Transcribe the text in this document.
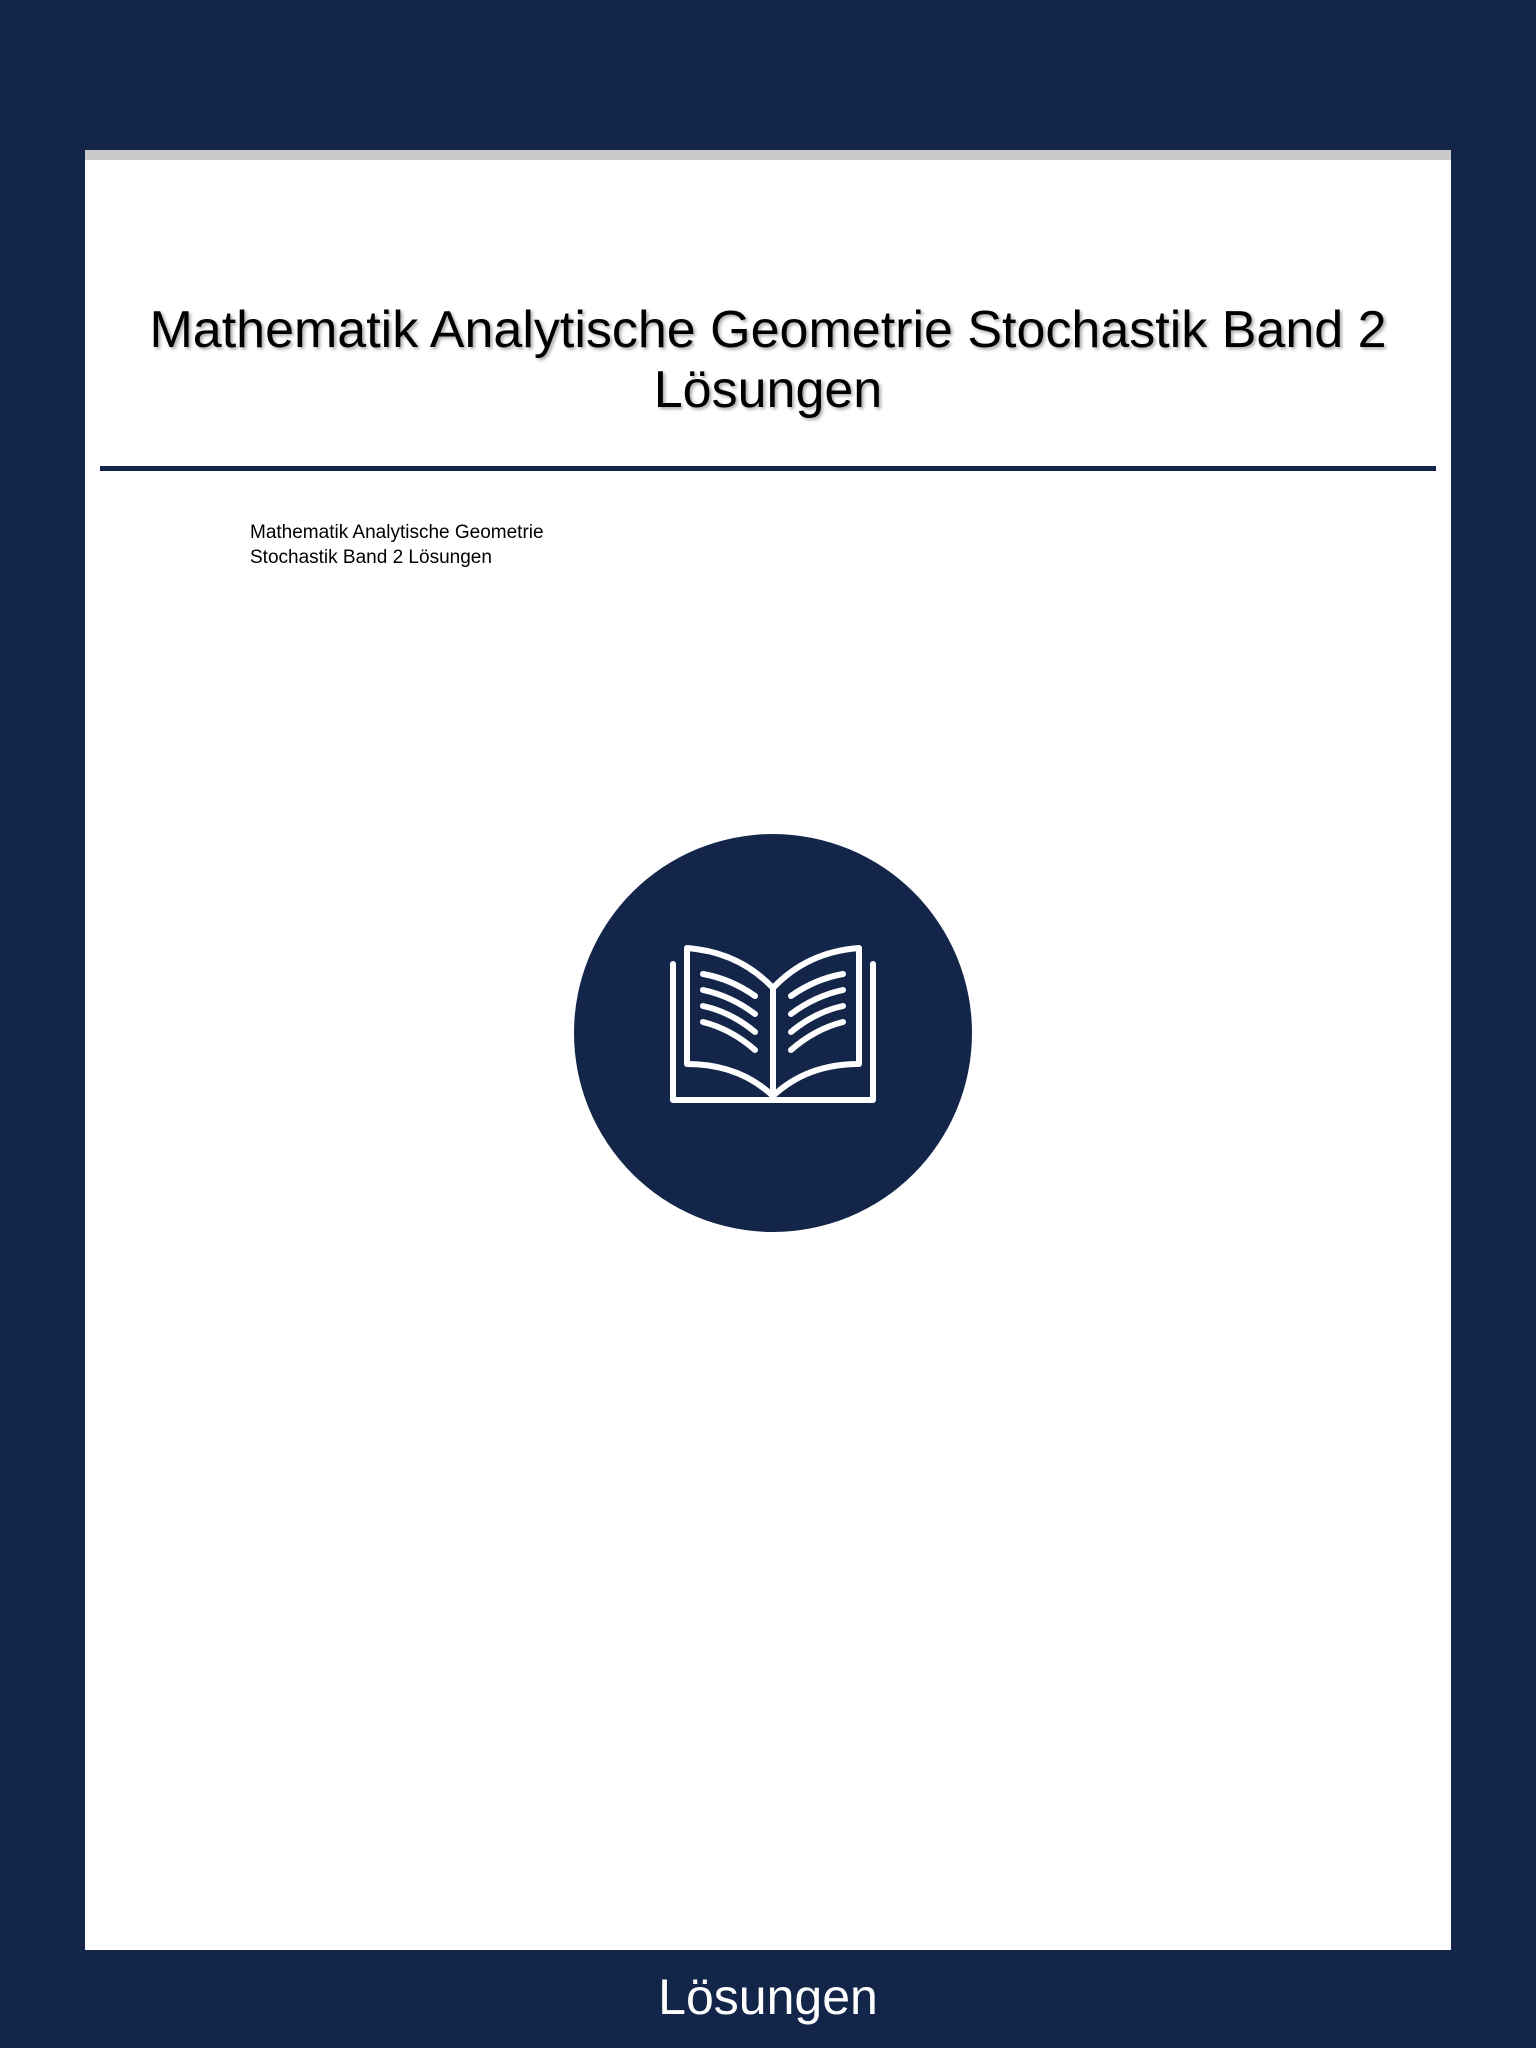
Mathematik Analytische Geometrie Stochastik Band 2 Lösungen
Mathematik Analytische Geometrie Stochastik Band 2 Lösungen
Lösungen
